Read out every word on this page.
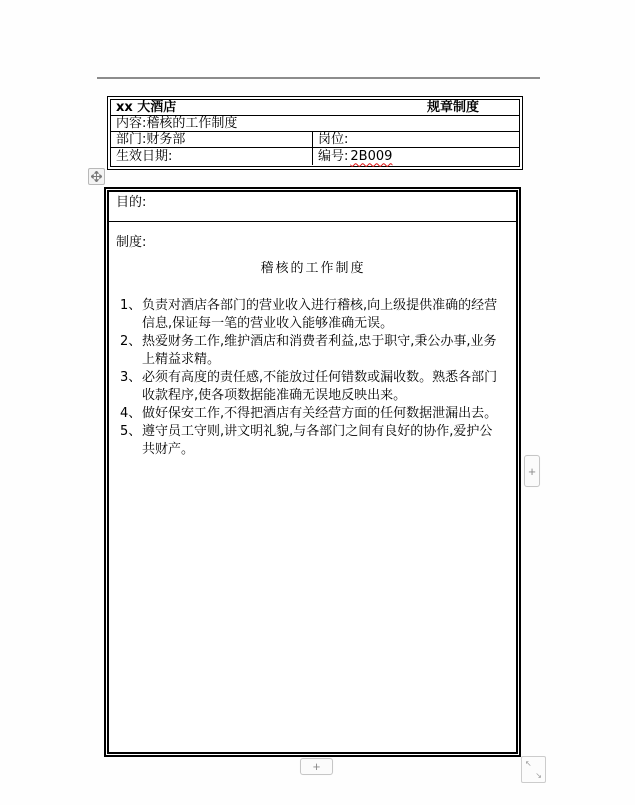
xx 大酒店	规章制度
内容:稽核的工作制度
部门:财务部	岗位:
生效日期:	编号: 2B009
目的:
制度:
稽核的工作制度
1、 负责对酒店各部门的营业收入进行稽核,向上级提供准确的经营信息,保证每一笔的营业收入能够准确无误。
2、 热爱财务工作,维护酒店和消费者利益,忠于职守,秉公办事,业务上精益求精。
3、 必须有高度的责任感,不能放过任何错数或漏收数。熟悉各部门收款程序,使各项数据能准确无误地反映出来。
4、 做好保安工作,不得把酒店有关经营方面的任何数据泄漏出去。
5、 遵守员工守则,讲文明礼貌,与各部门之间有良好的协作,爱护公共财产。
+
+
↖
↘
